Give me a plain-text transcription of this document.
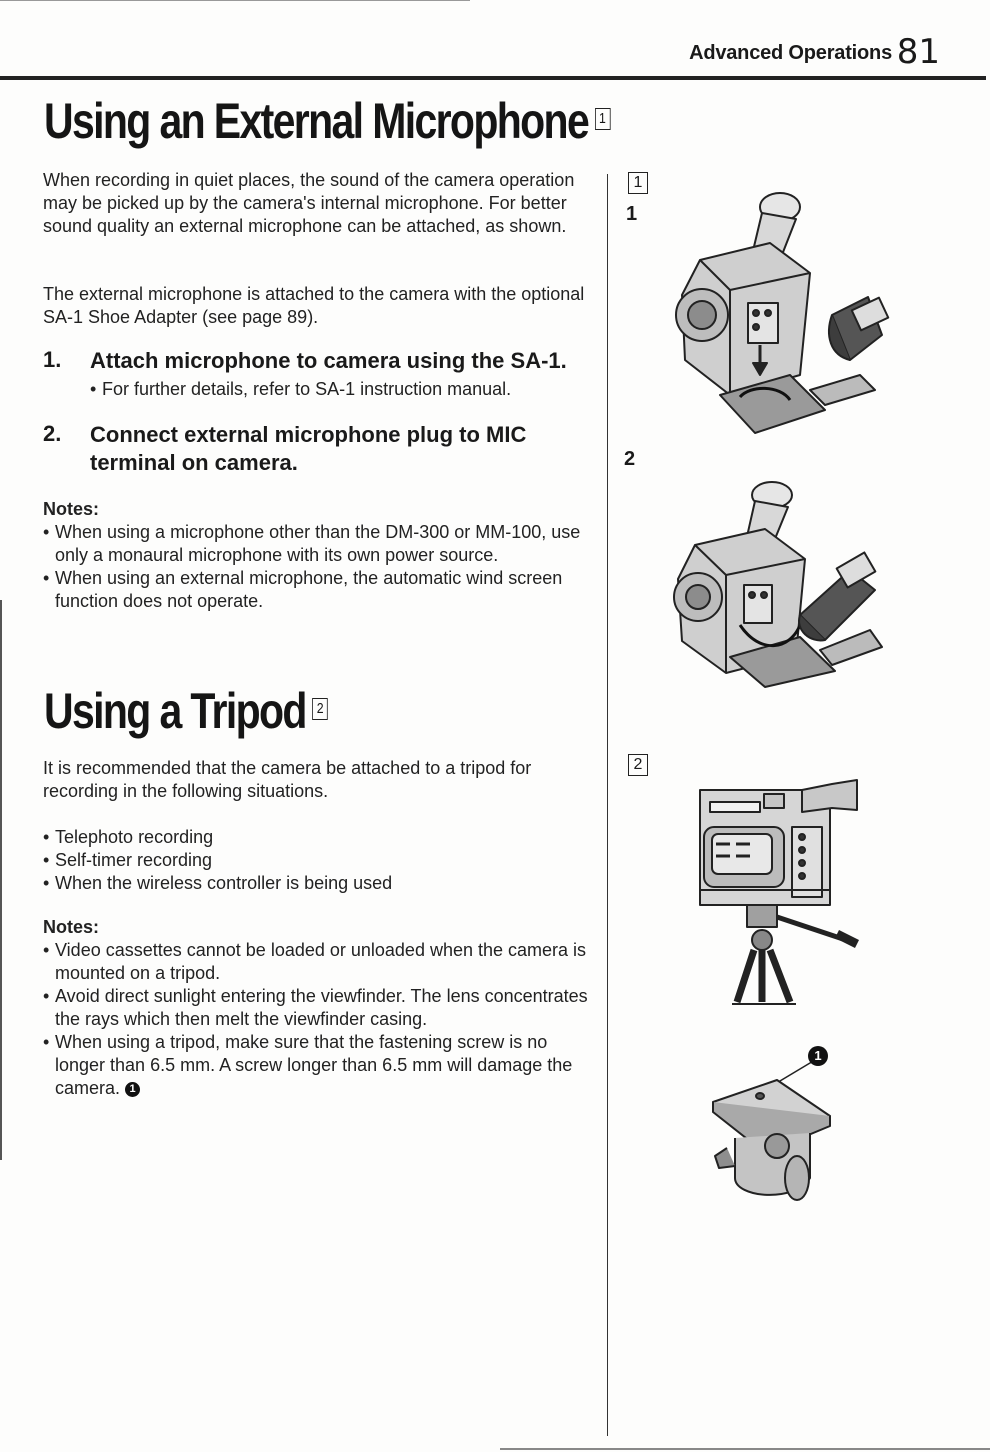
Advanced Operations 81
Using an External Microphone 1
When recording in quiet places, the sound of the camera operation may be picked up by the camera's internal microphone. For better sound quality an external microphone can be attached, as shown.
The external microphone is attached to the camera with the optional SA-1 Shoe Adapter (see page 89).
1. Attach microphone to camera using the SA-1.
• For further details, refer to SA-1 instruction manual.
2. Connect external microphone plug to MIC terminal on camera.
Notes:
• When using a microphone other than the DM-300 or MM-100, use only a monaural microphone with its own power source.
• When using an external microphone, the automatic wind screen function does not operate.
Using a Tripod 2
It is recommended that the camera be attached to a tripod for recording in the following situations.
• Telephoto recording
• Self-timer recording
• When the wireless controller is being used
Notes:
• Video cassettes cannot be loaded or unloaded when the camera is mounted on a tripod.
• Avoid direct sunlight entering the viewfinder. The lens concentrates the rays which then melt the viewfinder casing.
• When using a tripod, make sure that the fastening screw is no longer than 6.5 mm. A screw longer than 6.5 mm will damage the camera. 1
1
1
2
2
1
